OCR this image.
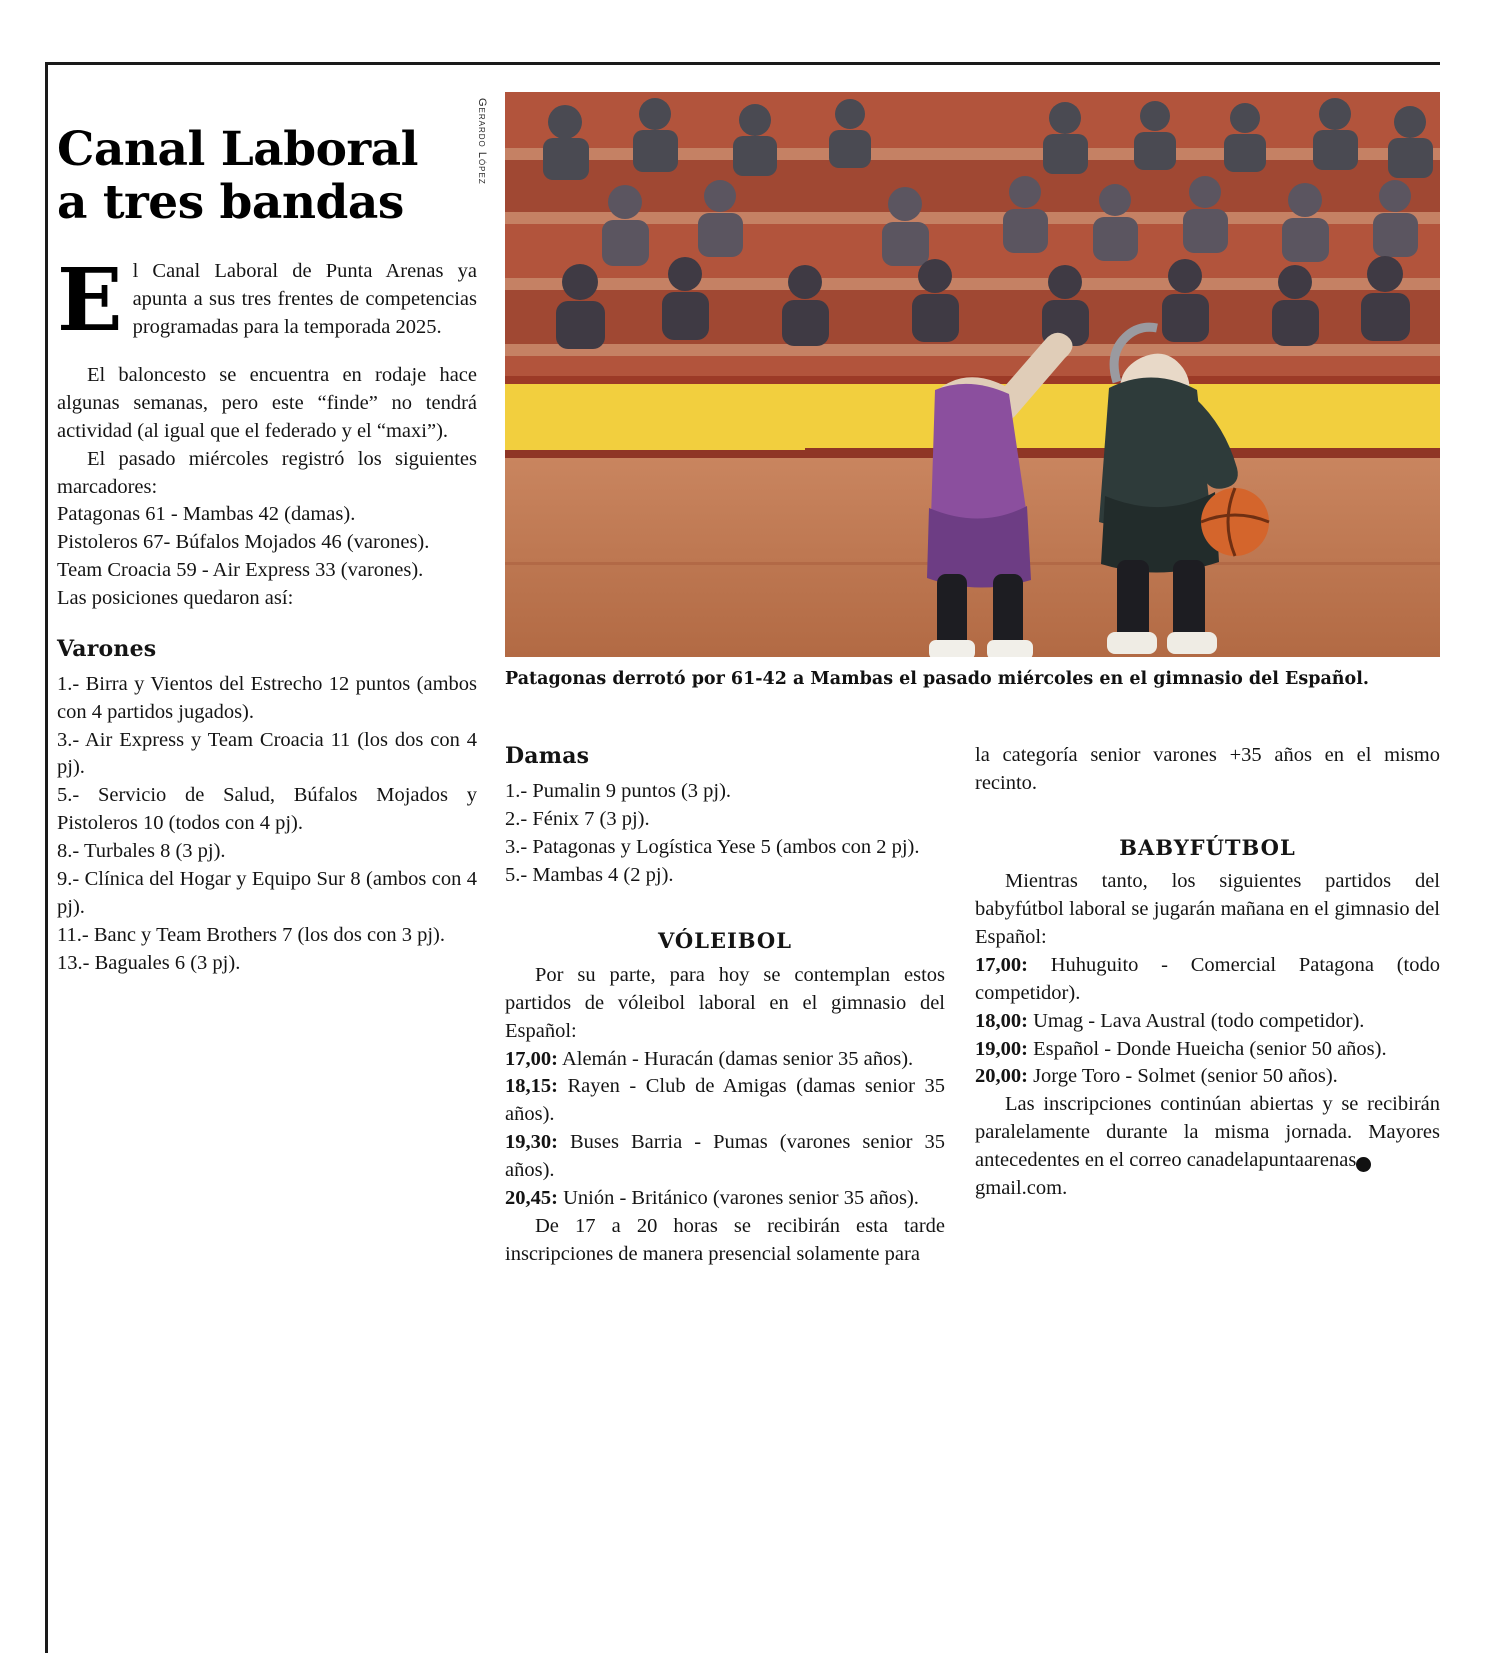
Canal Laboral
a tres bandas
Gerardo López
Patagonas derrotó por 61-42 a Mambas el pasado miércoles en el gimnasio del Español.
E l Canal Laboral de Punta Arenas ya apunta a sus tres frentes de competencias programadas para la temporada 2025.

El baloncesto se encuentra en rodaje hace algunas semanas, pero este “finde” no tendrá actividad (al igual que el federado y el “maxi”).

El pasado miércoles registró los siguientes marcadores:

Patagonas 61 - Mambas 42 (damas).

Pistoleros 67- Búfalos Mojados 46 (varones).

Team Croacia 59 - Air Express 33 (varones).

Las posiciones quedaron así:

Varones

1.- Birra y Vientos del Estrecho 12 puntos (ambos con 4 partidos jugados).

3.- Air Express y Team Croacia 11 (los dos con 4 pj).

5.- Servicio de Salud, Búfalos Mojados y Pistoleros 10 (todos con 4 pj).

8.- Turbales 8 (3 pj).

9.- Clínica del Hogar y Equipo Sur 8 (ambos con 4 pj).

11.- Banc y Team Brothers 7 (los dos con 3 pj).

13.- Baguales 6 (3 pj).

Damas

1.- Pumalin 9 puntos (3 pj).

2.- Fénix 7 (3 pj).

3.- Patagonas y Logística Yese 5 (ambos con 2 pj).

5.- Mambas 4 (2 pj).

VÓLEIBOL

Por su parte, para hoy se contemplan estos partidos de vóleibol laboral en el gimnasio del Español:

17,00: Alemán - Huracán (damas senior 35 años).

18,15: Rayen - Club de Amigas (damas senior 35 años).

19,30: Buses Barria - Pumas (varones senior 35 años).

20,45: Unión - Británico (varones senior 35 años).

De 17 a 20 horas se recibirán esta tarde inscripciones de manera presencial solamente para

la categoría senior varones +35 años en el mismo recinto.

BABYFÚTBOL

Mientras tanto, los siguientes partidos del babyfútbol laboral se jugarán mañana en el gimnasio del Español:

17,00: Huhuguito - Comercial Patagona (todo competidor).

18,00: Umag - Lava Austral (todo competidor).

19,00: Español - Donde Hueicha (senior 50 años).

20,00: Jorge Toro - Solmet (senior 50 años).

Las inscripciones continúan abiertas y se recibirán paralelamente durante la misma jornada. Mayores antecedentes en el correo canadelapuntaarenas	@

gmail.com.
